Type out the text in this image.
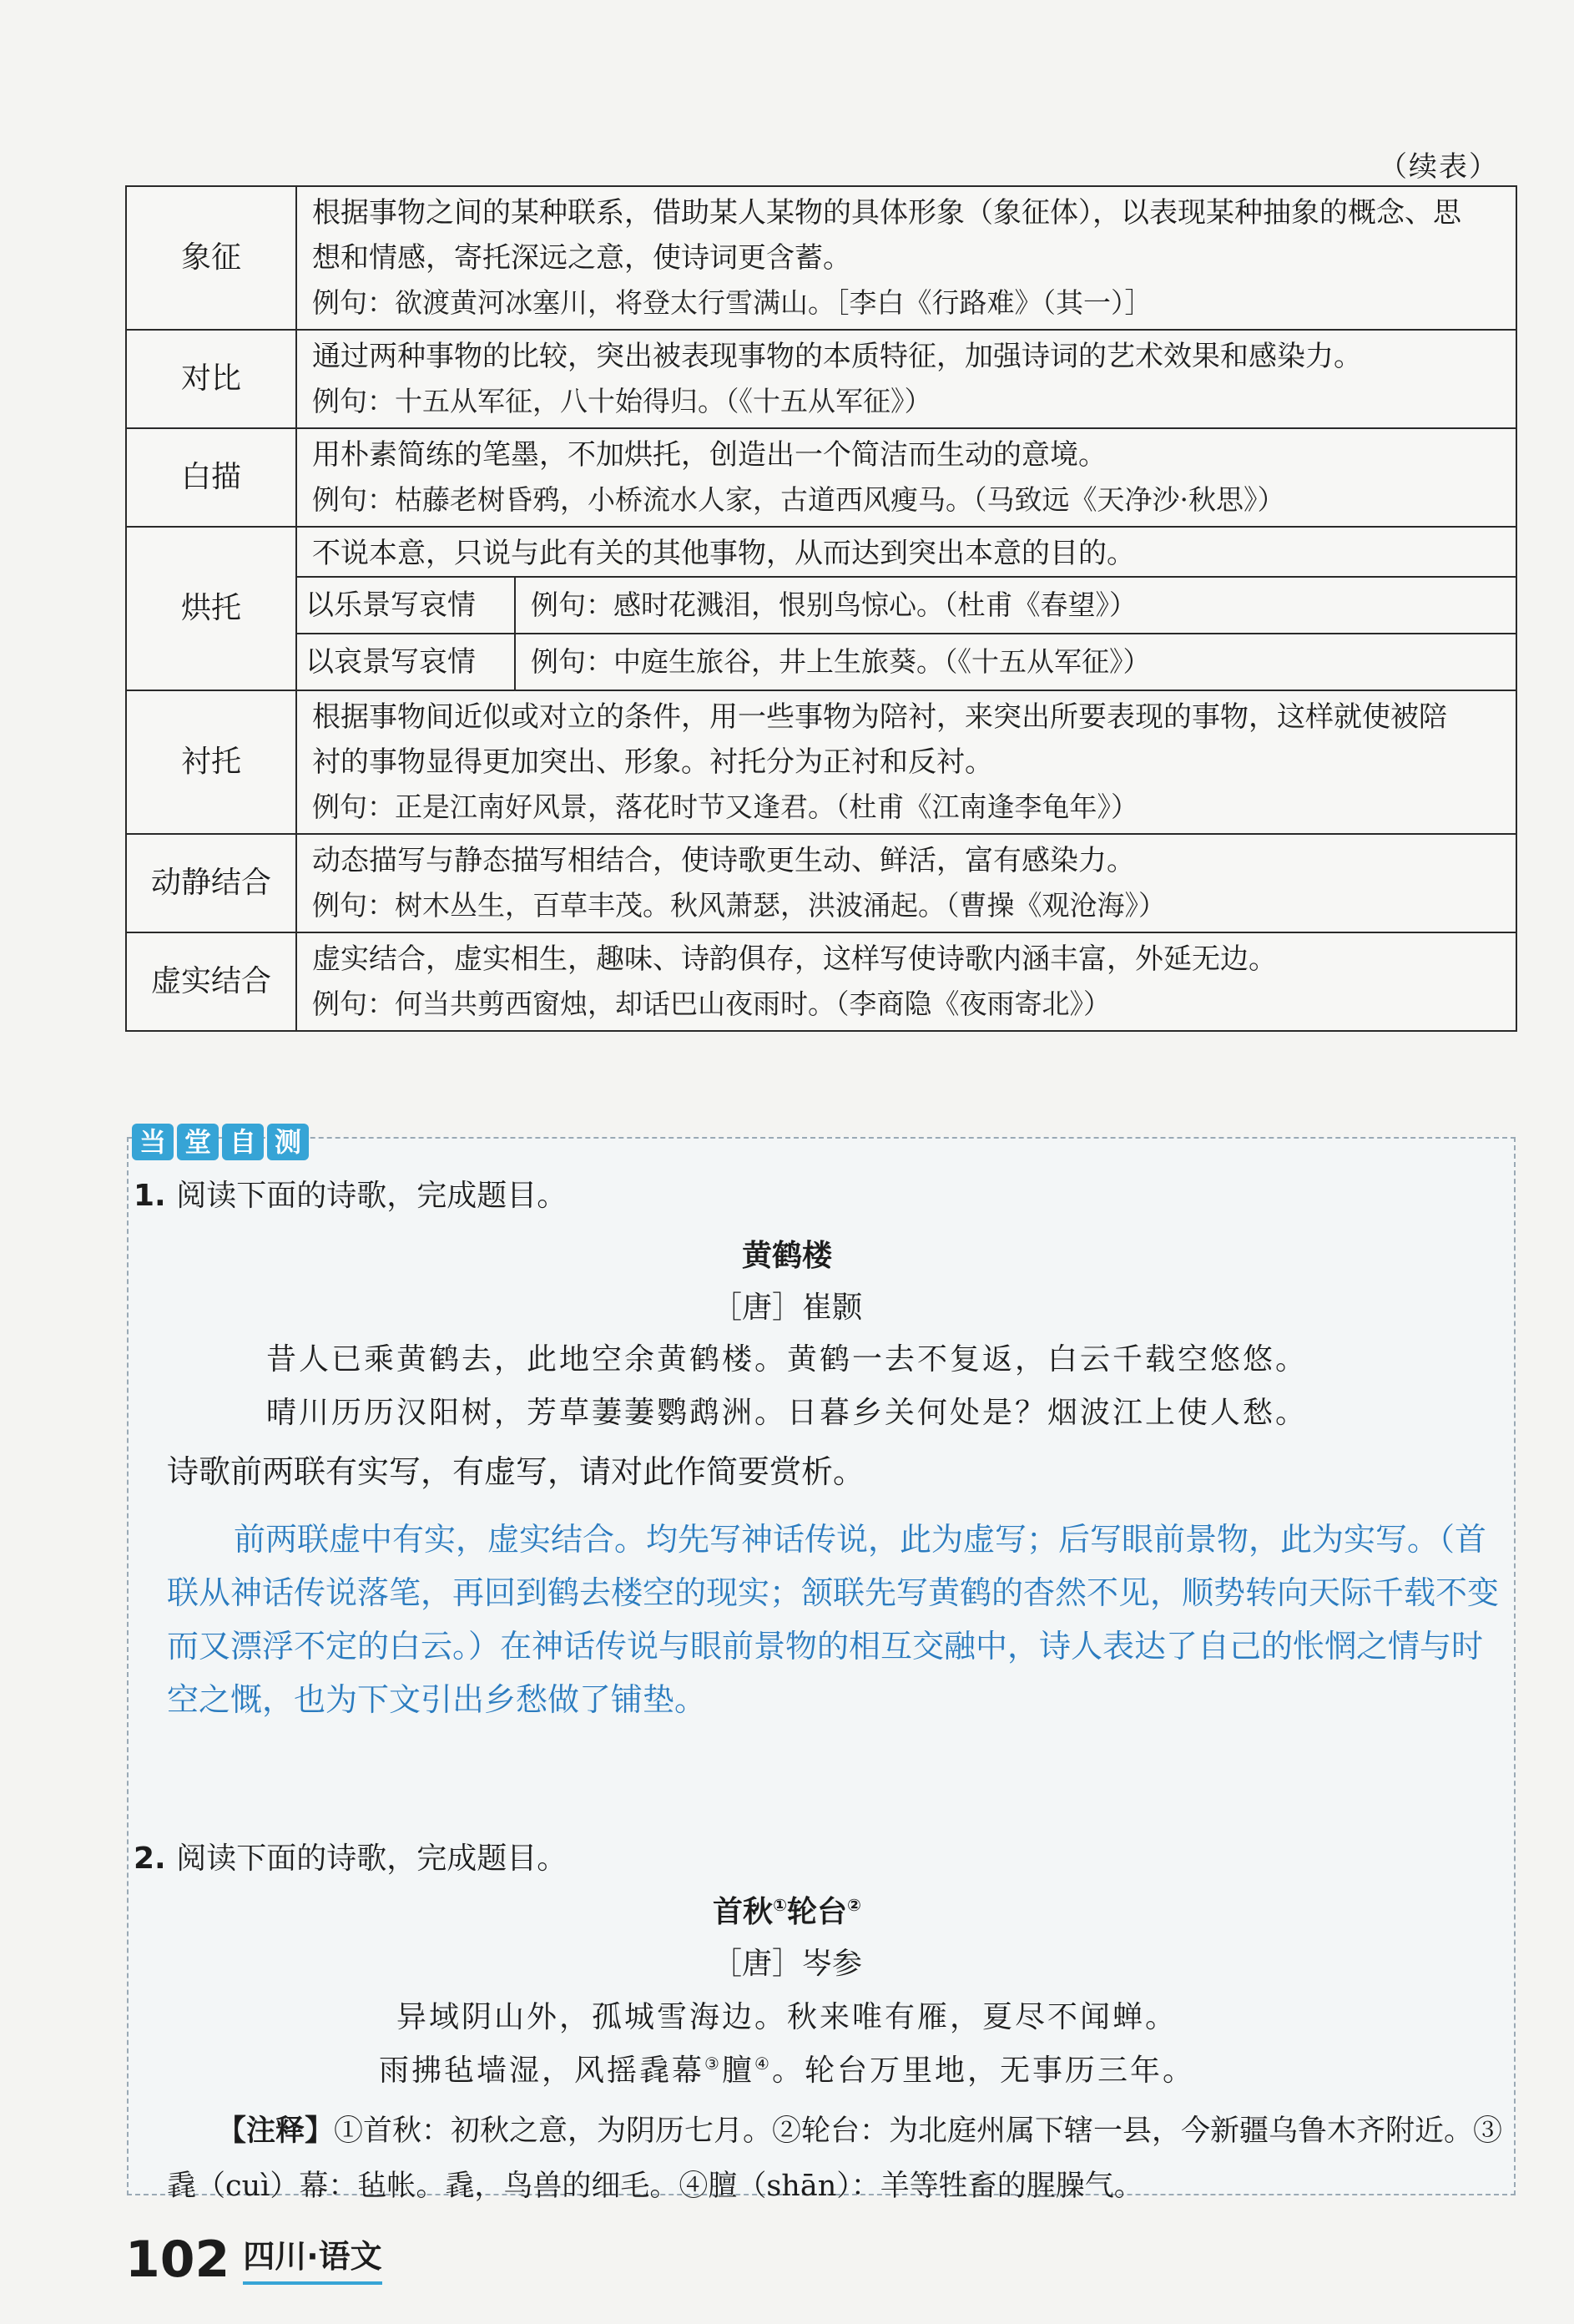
（续表）
象征	根据事物之间的某种联系，借助某人某物的具体形象（象征体），以表现某种抽象的概念、思
想和情感，寄托深远之意，使诗词更含蓄。
例句：欲渡黄河冰塞川，将登太行雪满山。［李白《行路难》（其一）］

对比	通过两种事物的比较，突出被表现事物的本质特征，加强诗词的艺术效果和感染力。
例句：十五从军征，八十始得归。（《十五从军征》）

白描	用朴素简练的笔墨，不加烘托，创造出一个简洁而生动的意境。
例句：枯藤老树昏鸦，小桥流水人家，古道西风瘦马。（马致远《天净沙·秋思》）

烘托	不说本意，只说与此有关的其他事物，从而达到突出本意的目的。
以乐景写哀情 例句：感时花溅泪，恨别鸟惊心。（杜甫《春望》）
以哀景写哀情 例句：中庭生旅谷，井上生旅葵。（《十五从军征》）

衬托	根据事物间近似或对立的条件，用一些事物为陪衬，来突出所要表现的事物，这样就使被陪
衬的事物显得更加突出、形象。衬托分为正衬和反衬。
例句：正是江南好风景，落花时节又逢君。（杜甫《江南逢李龟年》）

动静结合	动态描写与静态描写相结合，使诗歌更生动、鲜活，富有感染力。
例句：树木丛生，百草丰茂。秋风萧瑟，洪波涌起。（曹操《观沧海》）

虚实结合	虚实结合，虚实相生，趣味、诗韵俱存，这样写使诗歌内涵丰富，外延无边。
例句：何当共剪西窗烛，却话巴山夜雨时。（李商隐《夜雨寄北》）
当 堂 自 测
1. 阅读下面的诗歌，完成题目。
黄鹤楼
［唐］崔颢
昔人已乘黄鹤去，此地空余黄鹤楼。黄鹤一去不复返，白云千载空悠悠。
晴川历历汉阳树，芳草萋萋鹦鹉洲。日暮乡关何处是？烟波江上使人愁。
诗歌前两联有实写，有虚写，请对此作简要赏析。
前两联虚中有实，虚实结合。均先写神话传说，此为虚写；后写眼前景物，此为实写。（首联从神话传说落笔，再回到鹤去楼空的现实；颔联先写黄鹤的杳然不见，顺势转向天际千载不变而又漂浮不定的白云。）在神话传说与眼前景物的相互交融中，诗人表达了自己的怅惘之情与时空之慨，也为下文引出乡愁做了铺垫。
2. 阅读下面的诗歌，完成题目。
首秋①轮台②
［唐］岑参
异域阴山外，孤城雪海边。秋来唯有雁，夏尽不闻蝉。
雨拂毡墙湿，风摇毳幕③膻④。轮台万里地，无事历三年。
【注释】①首秋：初秋之意，为阴历七月。②轮台：为北庭州属下辖一县，今新疆乌鲁木齐附近。③毳（cuì）幕：毡帐。毳，鸟兽的细毛。④膻（shān）：羊等牲畜的腥臊气。
102 四川·语文
